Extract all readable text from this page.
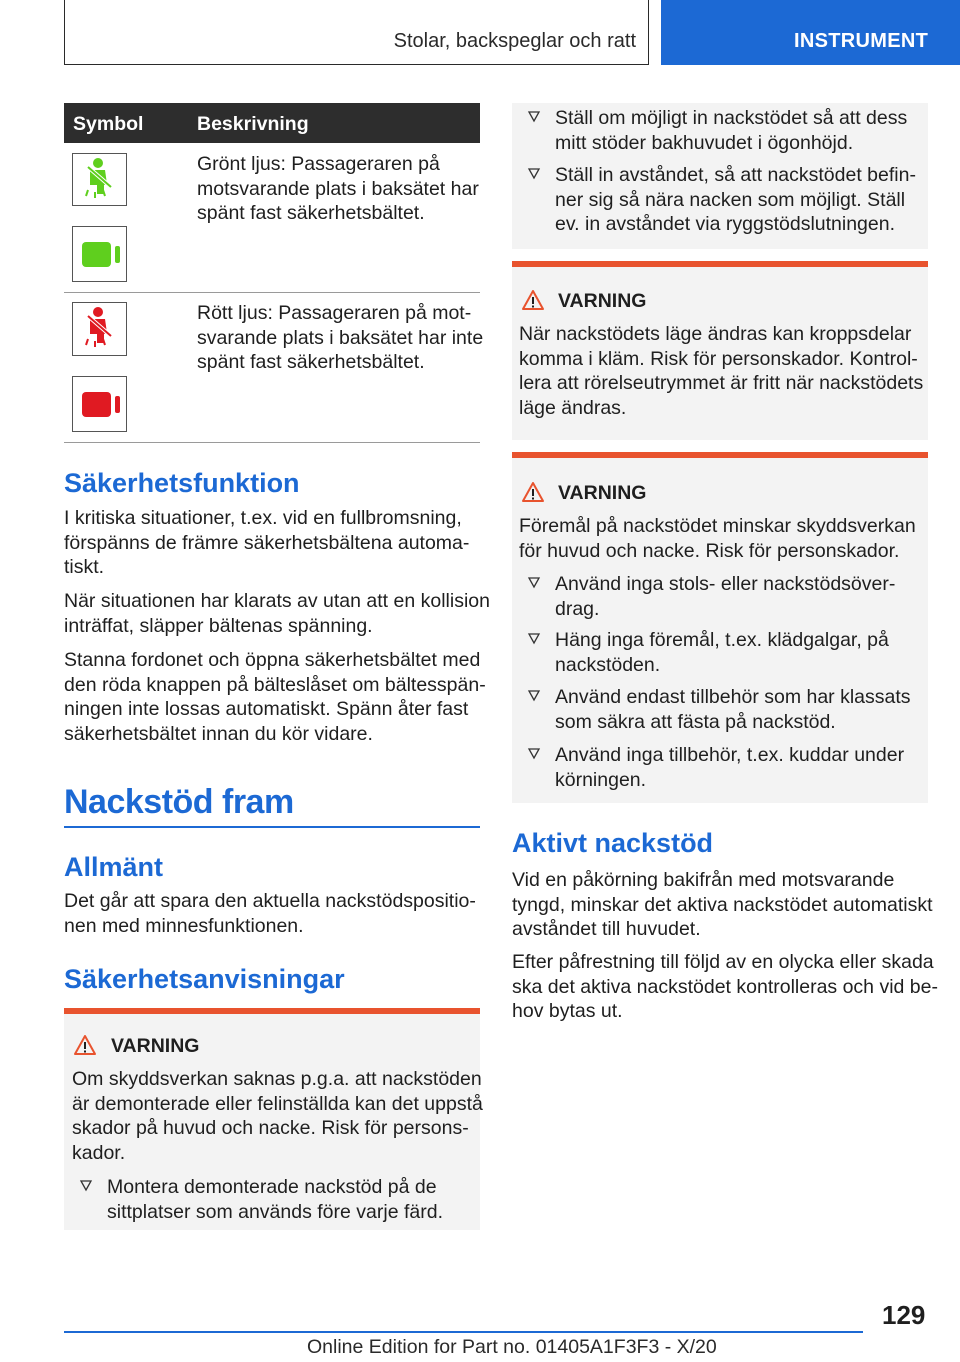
Stolar, backspeglar och ratt	INSTRUMENT
Symbol	Beskrivning
Grönt ljus: Passageraren på
motsvarande plats i baksätet har
spänt fast säkerhetsbältet.
Rött ljus: Passageraren på mot-
svarande plats i baksätet har inte
spänt fast säkerhetsbältet.
Säkerhetsfunktion
I kritiska situationer, t.ex. vid en fullbromsning,
förspänns de främre säkerhetsbältena automa-
tiskt.
När situationen har klarats av utan att en kollision
inträffat, släpper bältenas spänning.
Stanna fordonet och öppna säkerhetsbältet med
den röda knappen på bälteslåset om bältesspän-
ningen inte lossas automatiskt. Spänn åter fast
säkerhetsbältet innan du kör vidare.
Nackstöd fram
Allmänt
Det går att spara den aktuella nackstödspositio-
nen med minnesfunktionen.
Säkerhetsanvisningar
VARNING
Om skyddsverkan saknas p.g.a. att nackstöden
är demonterade eller felinställda kan det uppstå
skador på huvud och nacke. Risk för persons-
kador.
Montera demonterade nackstöd på de
sittplatser som används före varje färd.
Ställ om möjligt in nackstödet så att dess
mitt stöder bakhuvudet i ögonhöjd.
Ställ in avståndet, så att nackstödet befin-
ner sig så nära nacken som möjligt. Ställ
ev. in avståndet via ryggstödslutningen.
VARNING
När nackstödets läge ändras kan kroppsdelar
komma i kläm. Risk för personskador. Kontrol-
lera att rörelseutrymmet är fritt när nackstödets
läge ändras.
VARNING
Föremål på nackstödet minskar skyddsverkan
för huvud och nacke. Risk för personskador.
Använd inga stols- eller nackstödsöver-
drag.
Häng inga föremål, t.ex. klädgalgar, på
nackstöden.
Använd endast tillbehör som har klassats
som säkra att fästa på nackstöd.
Använd inga tillbehör, t.ex. kuddar under
körningen.
Aktivt nackstöd
Vid en påkörning bakifrån med motsvarande
tyngd, minskar det aktiva nackstödet automatiskt
avståndet till huvudet.
Efter påfrestning till följd av en olycka eller skada
ska det aktiva nackstödet kontrolleras och vid be-
hov bytas ut.
129
Online Edition for Part no. 01405A1F3F3 - X/20
